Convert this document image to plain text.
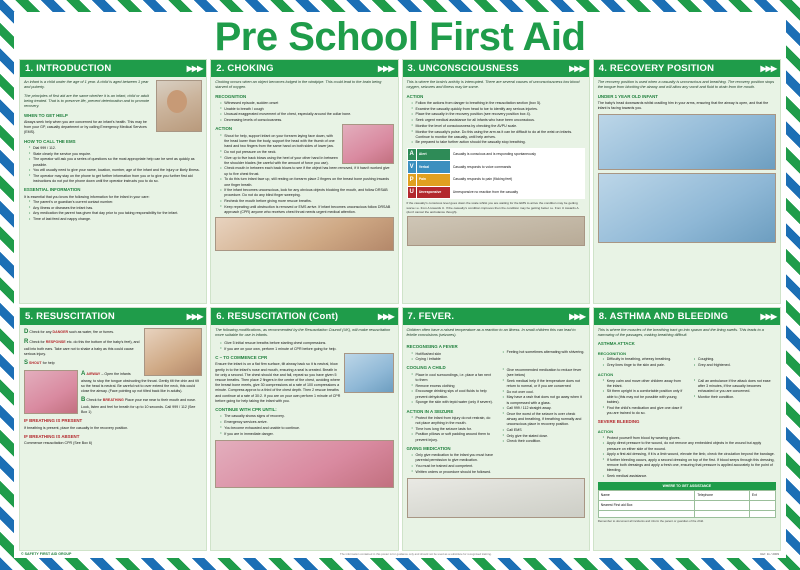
Pre School First Aid
1. INTRODUCTION	▶▶▶

An infant is a child under the age of 1 year. A child is aged between 1 year and puberty.

The principles of first aid are the same whether it is an infant, child or adult being treated. That is to preserve life, prevent deterioration and to promote recovery.

WHEN TO GET HELP
Always seek help when you are concerned for an infant's health. This may be from your GP, casualty department or by calling Emergency Medical Services (EMS).
HOW TO CALL THE EMS
• Dial 999 / 112.
• State clearly the service you require.
• The operator will ask you a series of questions so the most appropriate help can be sent as quickly as possible.
• You will usually need to give your name, location, number, age of the infant and the injury or likely illness.
• The operator may stay on the phone to get further information from you or to give you further first aid instructions do not put the phone down until the operator instructs you to do so.
ESSENTIAL INFORMATION
It is essential that you know the following information for the infant in your care:
• The parent's or guardian's current contact number.
• Any illness or diseases the infant has.
• Any medication the parent has given that day prior to you taking responsibility for the infant.
• Time of last feed and nappy change.
2. CHOKING	▶▶▶

Choking occurs when an object becomes lodged in the windpipe. This could lead to the brain being starved of oxygen.

RECOGNITION
• Witnessed episode, sudden onset
• Unable to breath / cough
• Unusual exaggerated movement of the chest, especially around the collar bone.
• Decreasing levels of consciousness.
ACTION
• Shout for help, support infant on your forearm laying face down, with the head lower than the body, support the head with the thumb of one hand and two fingers from the same hand on both sides of lower jaw.
• Do not put pressure on the neck.
• Give up to five back blows using the heel of your other hand in between the shoulder blades (be careful with the amount of force you use).
• Check mouth in between each back blows to see if the object has been removed, if it hasn't worked give up to five chest thrust.
• To do this turn infant face up, still resting on forearm place 2 fingers on the breast bone pushing inwards one finger breath.
• If the infant becomes unconscious, look for any obvious objects blocking the mouth, and follow DRSAB procedure. Do not do any blind finger sweeping.
• Recheck the mouth before giving more rescue breaths.
• Keep repeating until obstruction is removed or EMS arrive. If infant becomes unconscious follow DRSAB approach (CPR) anyone who receives chest thrust needs urgent medical attention.
3. UNCONSCIOUSNESS	▶▶▶

This is where the brain's activity is interrupted. There are several causes of unconsciousness low blood oxygen, seizures and illness may be some.

ACTION
• Follow the actions from danger to breathing in the resuscitation section (box 5).
• Examine the casualty quickly from head to toe to identify any serious injuries.
• Place the casualty in the recovery position (see recovery position box 4).
• Seek urgent medical assistance for all infants who have been unconscious.
• Monitor the level of consciousness by checking the AVPU scale.
• Monitor the casualty's pulse. Do this using the arm as it can be difficult to do at the wrist on infants. Continue to monitor the casualty, until help arrives.
• Be prepared to take further action should the casualty stop breathing.
A	Alert	Casualty is conscious and is responding spontaneously
V	Verbal	Casualty responds to voice commands
P	Pain	Casualty responds to pain (flicking feet)
U	Unresponsive	Unresponsive no reaction from the casualty
If the casualty's conscious level goes down the scale whilst you are waiting for the EMS to arrive the condition may be getting worse i.e. from A towards U. If the casualty's condition improves then the condition may be getting better i.e. from U towards A. (don't cancel the ambulance though).
4. RECOVERY POSITION	▶▶▶

The recovery position is used when a casualty is unconscious and breathing. The recovery position stops the tongue from blocking the airway and will allow any vomit and fluid to drain from the mouth.

UNDER 1 YEAR OLD INFANT
The baby's head downwards whilst cradling him in your arms, ensuring that the airway is open, and that the infant is facing towards you.
5. RESUSCITATION	▶▶▶
D Check for any DANGER such as water, fire or fumes.
R Check for RESPONSE etc. do this the bottom of the baby's feet), and call into both ears. Take care not to shake a baby as this could cause serious injury.
S SHOUT for help
A AIRWAY – Open the infants airway, to stop the tongue obstructing the throat. Gently tilt the chin and tilt so the head is neutral. Be careful not to over extend the neck, this could close the airway. (Face pointing up not tilted back like in adults).
B Check for BREATHING Place your ear near to their mouth and nose. Look, listen and feel for breath for up to 10 seconds. Call 999 / 112 (See Box 1)
IF BREATHING IS PRESENT
If breathing is present, place the casualty in the recovery position.
IF BREATHING IS ABSENT
Commence resuscitation CPR (See Box 6)
6. RESUSCITATION (Cont)	▶▶▶

The following modifications, as recommended by the Resuscitation Council (UK), will make resuscitation more suitable for use in infants.

• Give 5 initial rescue breaths before starting chest compressions.
• If you are on your own, perform 1 minute of CPR before going for help.
C – TO COMMENCE CPR
Ensure the infant is on a flat firm surface, tilt airway back so it is neutral, blow gently in to the infant's nose and mouth, ensuring a seal is created. Breath in for only a second. The chest should rise and fall, repeat so you have given 5 rescue breaths. Then place 2 fingers in the centre of the chest, avoiding where the breast bone meets, give 30 compressions at a rate of 100 compressions a minute. Compress approx to a third of the chest depth. Then 2 rescue breaths and continue at a rate of 30:2. If you are on your own perform 1 minute of CPR before going for help taking the infant with you.
CONTINUE WITH CPR UNTIL:
• The casualty shows signs of recovery.
• Emergency services arrive.
• You become exhausted and unable to continue.
• If you are in immediate danger.
7. FEVER.	▶▶▶

Children often have a raised temperature as a reaction to an illness. In small children this can lead to febrile convulsions (seizures).

RECOGNISING A FEVER
• Hot/flushed skin
• Crying / irritable
COOLING A CHILD
• Place in cool surroundings, i.e. place a fan next to them
• Remove excess clothing
• Encourage drinking sips of cool fluids to help prevent dehydration.
• Sponge the skin with tepid water (only if severe).
ACTION IN A SEIZURE
• Protect the infant from injury do not restrain, do not place anything in the mouth.
• Time how long the seizure lasts for.
• Position pillows or soft padding around them to prevent injury.
GIVING MEDICATION
• Only give medication to the infant you must have parental permission to give medication.
• You must be trained and competent.
• Written orders or procedure should be followed.
• Feeling hot sometimes alternating with shivering.
• Give recommended medication to reduce fever (see below)
• Seek medical help if the temperature does not return to normal, or if you are concerned
• Do not over cool.
• May have a rash that does not go away when it is compressed with a glass.
• Call 999 / 112 straight away.
• Once the worst of the seizure is over check airway and breathing, if breathing normally and unconscious place in recovery position.
• Call EMS
• Only give the stated dose.
• Check their condition.
8. ASTHMA AND BLEEDING	▶▶▶

This is where the muscles of the breathing tract go into spasm and the lining swells. This leads to a narrowing of the passages, making breathing difficult.

ASTHMA ATTACK
RECOGNITION
• Difficulty in breathing, wheezy breathing.
• Grey lines tinge to the skin and pale.
• Coughing.
• Grey and frightened.
ACTION
• Keep calm and move other children away from the infant.
• Sit them upright in a comfortable position only if able to (this may not be possible with young babies).
• Find the child's medication and give one dose if you are trained to do so.
• Call an ambulance if the attack does not ease after 3 minutes, if the casualty becomes exhausted or you are concerned.
• Monitor their condition.
SEVERE BLEEDING
ACTION
• Protect yourself from blood by wearing gloves.
• Apply direct pressure to the wound, do not remove any embedded objects in the wound but apply pressure on either side of the wound.
• Apply a first aid dressing, if it is a limb wound, elevate the limb, check the circulation beyond the bandage.
• If further bleeding occurs, apply a second dressing on top of the first. If blood seeps through this dressing, remove both dressings and apply a fresh one, ensuring that pressure is applied accurately to the point of bleeding.
• Seek medical assistance.
WHERE TO GET ASSISTANCE		
Name	Telephone	Ext
Nearest First aid Box		

Remember to document all incidents and inform the parent or guardian of the child.
© SAFETY FIRST AID GROUP	The information contained in this poster is for guidance only and should not be used as a substitute for recognised training.	Ref: 11 / 2009
